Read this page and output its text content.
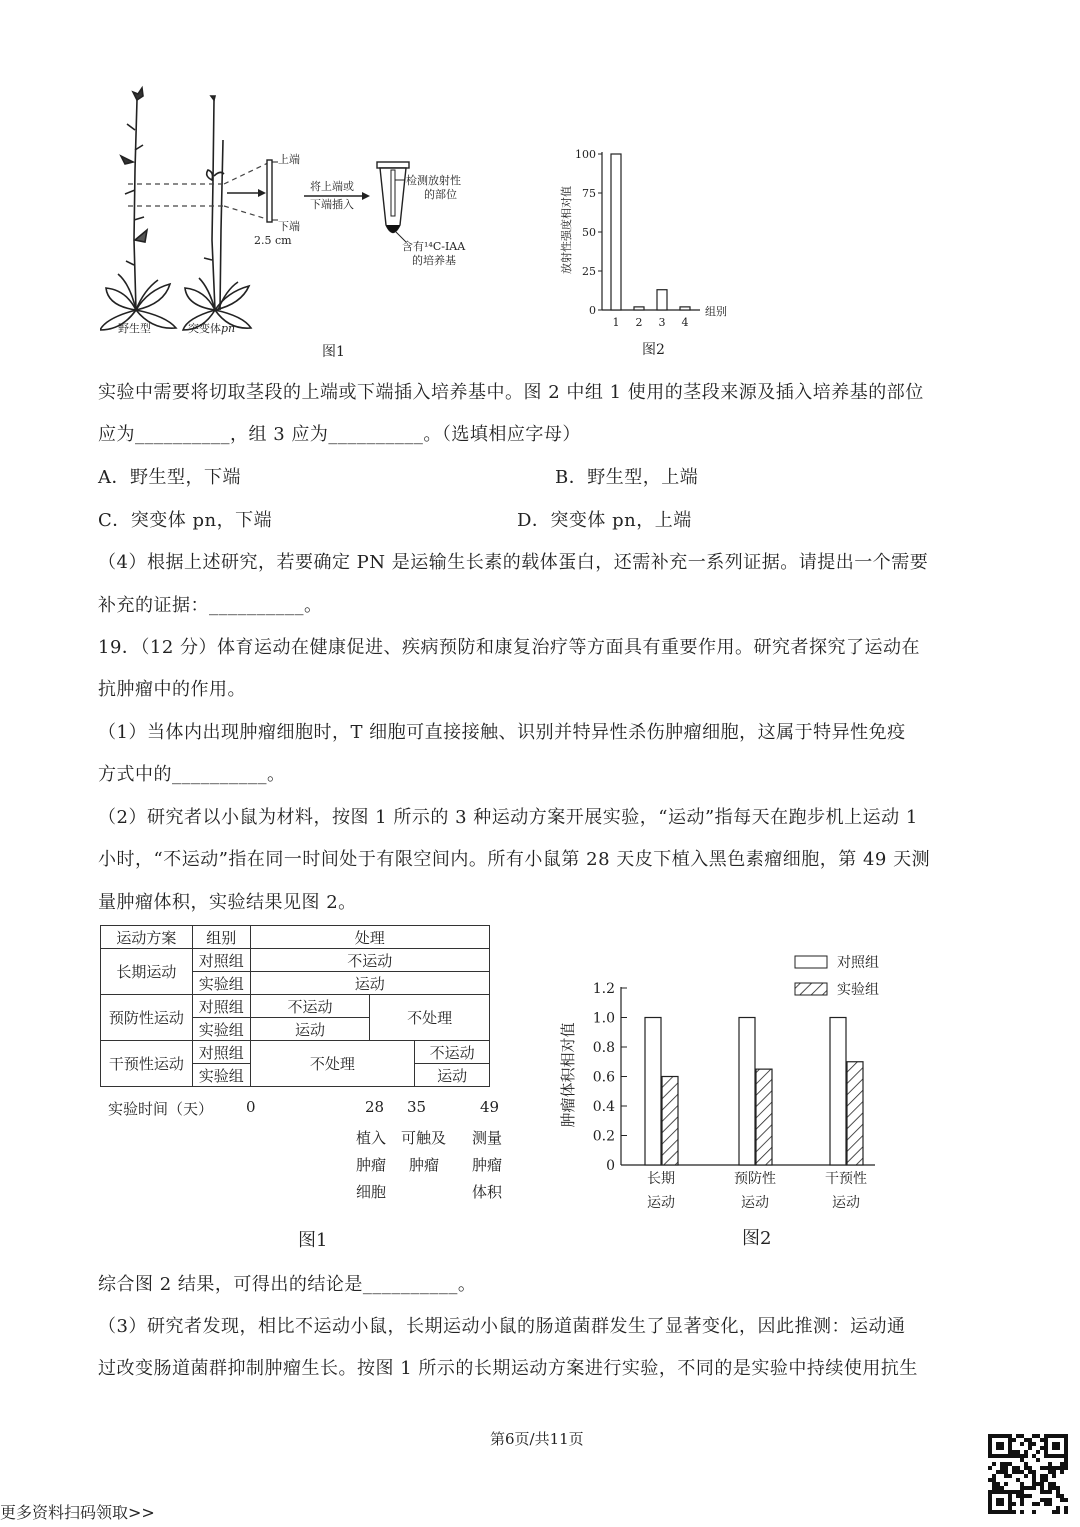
野生型	突变体pn
上端
下端
2.5 cm
将上端或
下端插入
检测放射性
的部位
含有¹⁴C-IAA
的培养基
图1
放射性强度相对值
100
75
50
25
0
1 2 3 4
组别
图2
实验中需要将切取茎段的上端或下端插入培养基中。图 2 中组 1 使用的茎段来源及插入培养基的部位
应为__________，组 3 应为__________。（选填相应字母）
A．野生型，下端	B．野生型，上端
C．突变体 pn，下端	D．突变体 pn，上端
（4）根据上述研究，若要确定 PN 是运输生长素的载体蛋白，还需补充一系列证据。请提出一个需要
补充的证据：__________。
19．（12 分）体育运动在健康促进、疾病预防和康复治疗等方面具有重要作用。研究者探究了运动在
抗肿瘤中的作用。
（1）当体内出现肿瘤细胞时，T 细胞可直接接触、识别并特异性杀伤肿瘤细胞，这属于特异性免疫
方式中的__________。
（2）研究者以小鼠为材料，按图 1 所示的 3 种运动方案开展实验，“运动”指每天在跑步机上运动 1
小时，“不运动”指在同一时间处于有限空间内。所有小鼠第 28 天皮下植入黑色素瘤细胞，第 49 天测
量肿瘤体积，实验结果见图 2。
运动方案	组别	处理		
长期运动	对照组	不运动		
	实验组	运动		
预防性运动	对照组	不运动	不处理	
	实验组	运动		
干预性运动	对照组	不处理		不运动
	实验组			运动
实验时间（天） 0	28 35	49
植入
肿瘤
细胞
可触及
肿瘤
测量
肿瘤
体积
图1
肿瘤体积相对值
1.2
1.0
0.8
0.6
0.4
0.2
0
对照组
实验组
长期
运动
预防性
运动
干预性
运动
图2
综合图 2 结果，可得出的结论是__________。
（3）研究者发现，相比不运动小鼠，长期运动小鼠的肠道菌群发生了显著变化，因此推测：运动通
过改变肠道菌群抑制肿瘤生长。按图 1 所示的长期运动方案进行实验，不同的是实验中持续使用抗生
第6页/共11页
更多资料扫码领取>>
